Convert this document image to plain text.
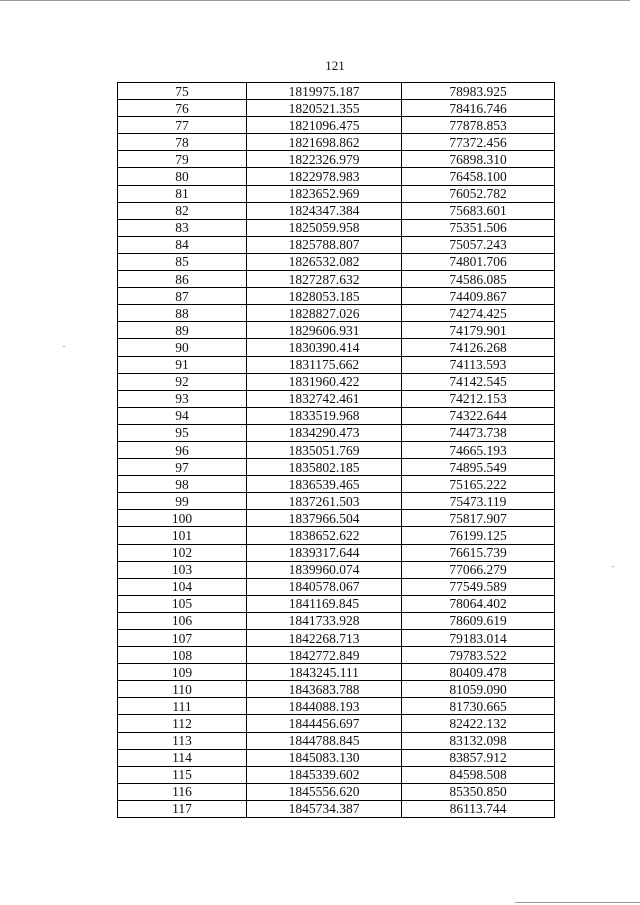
121
75	1819975.187	78983.925
76	1820521.355	78416.746
77	1821096.475	77878.853
78	1821698.862	77372.456
79	1822326.979	76898.310
80	1822978.983	76458.100
81	1823652.969	76052.782
82	1824347.384	75683.601
83	1825059.958	75351.506
84	1825788.807	75057.243
85	1826532.082	74801.706
86	1827287.632	74586.085
87	1828053.185	74409.867
88	1828827.026	74274.425
89	1829606.931	74179.901
90	1830390.414	74126.268
91	1831175.662	74113.593
92	1831960.422	74142.545
93	1832742.461	74212.153
94	1833519.968	74322.644
95	1834290.473	74473.738
96	1835051.769	74665.193
97	1835802.185	74895.549
98	1836539.465	75165.222
99	1837261.503	75473.119
100	1837966.504	75817.907
101	1838652.622	76199.125
102	1839317.644	76615.739
103	1839960.074	77066.279
104	1840578.067	77549.589
105	1841169.845	78064.402
106	1841733.928	78609.619
107	1842268.713	79183.014
108	1842772.849	79783.522
109	1843245.111	80409.478
110	1843683.788	81059.090
111	1844088.193	81730.665
112	1844456.697	82422.132
113	1844788.845	83132.098
114	1845083.130	83857.912
115	1845339.602	84598.508
116	1845556.620	85350.850
117	1845734.387	86113.744
